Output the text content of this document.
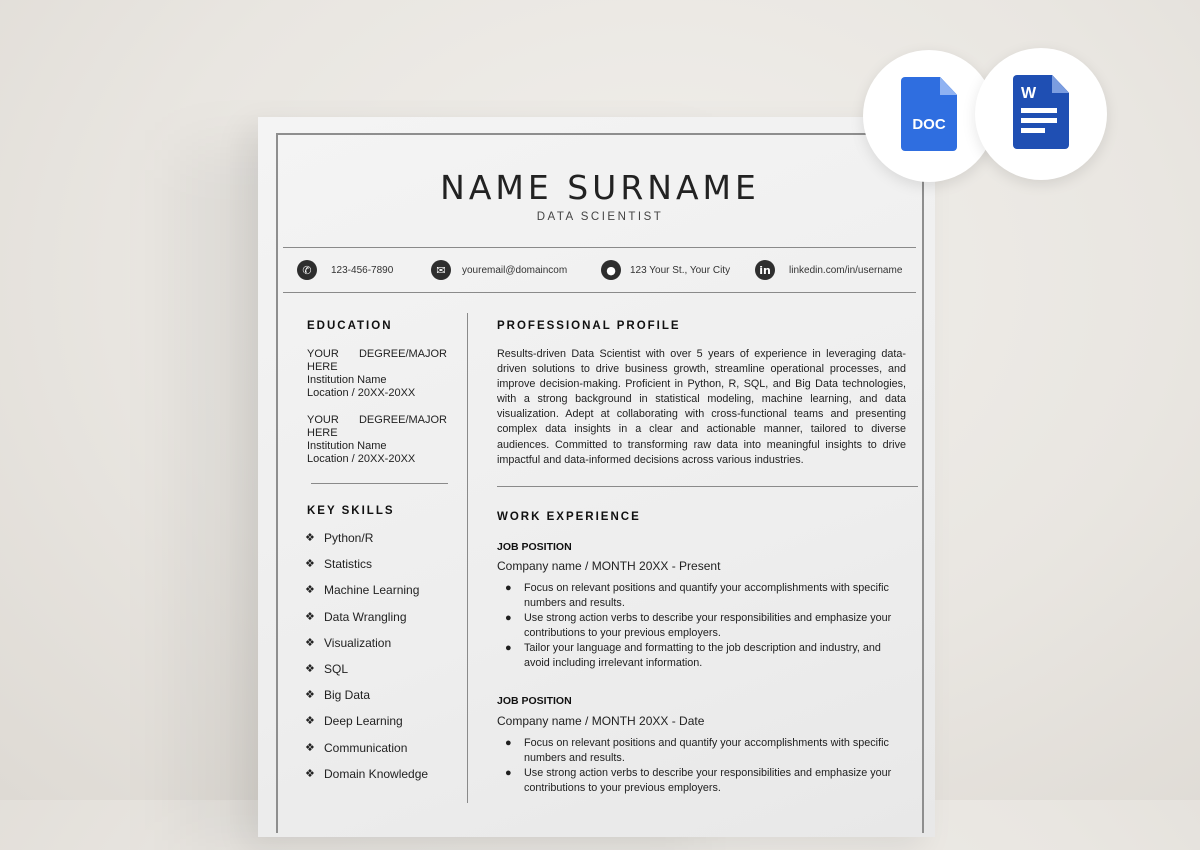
NAME SURNAME
DATA SCIENTIST
✆	123-456-7890	✉	youremail@domaincom	●	123 Your St., Your City	in	linkedin.com/in/username
EDUCATION
YOUR DEGREE/MAJOR
HERE
Institution Name
Location / 20XX-20XX
YOUR DEGREE/MAJOR
HERE
Institution Name
Location / 20XX-20XX
KEY SKILLS
❖ Python/R
❖ Statistics
❖ Machine Learning
❖ Data Wrangling
❖ Visualization
❖ SQL
❖ Big Data
❖ Deep Learning
❖ Communication
❖ Domain Knowledge
PROFESSIONAL PROFILE
Results-driven Data Scientist with over 5 years of experience in leveraging data-driven solutions to drive business growth, streamline operational processes, and improve decision-making. Proficient in Python, R, SQL, and Big Data technologies, with a strong background in statistical modeling, machine learning, and data visualization. Adept at collaborating with cross-functional teams and presenting complex data insights in a clear and actionable manner, tailored to diverse audiences. Committed to transforming raw data into meaningful insights to drive impactful and data-informed decisions across various industries.
WORK EXPERIENCE
JOB POSITION
Company name / MONTH 20XX - Present
●	Focus on relevant positions and quantify your accomplishments with specific numbers and results.
●	Use strong action verbs to describe your responsibilities and emphasize your contributions to your previous employers.
●	Tailor your language and formatting to the job description and industry, and avoid including irrelevant information.
JOB POSITION
Company name / MONTH 20XX - Date
●	Focus on relevant positions and quantify your accomplishments with specific numbers and results.
●	Use strong action verbs to describe your responsibilities and emphasize your contributions to your previous employers.
DOC
W
